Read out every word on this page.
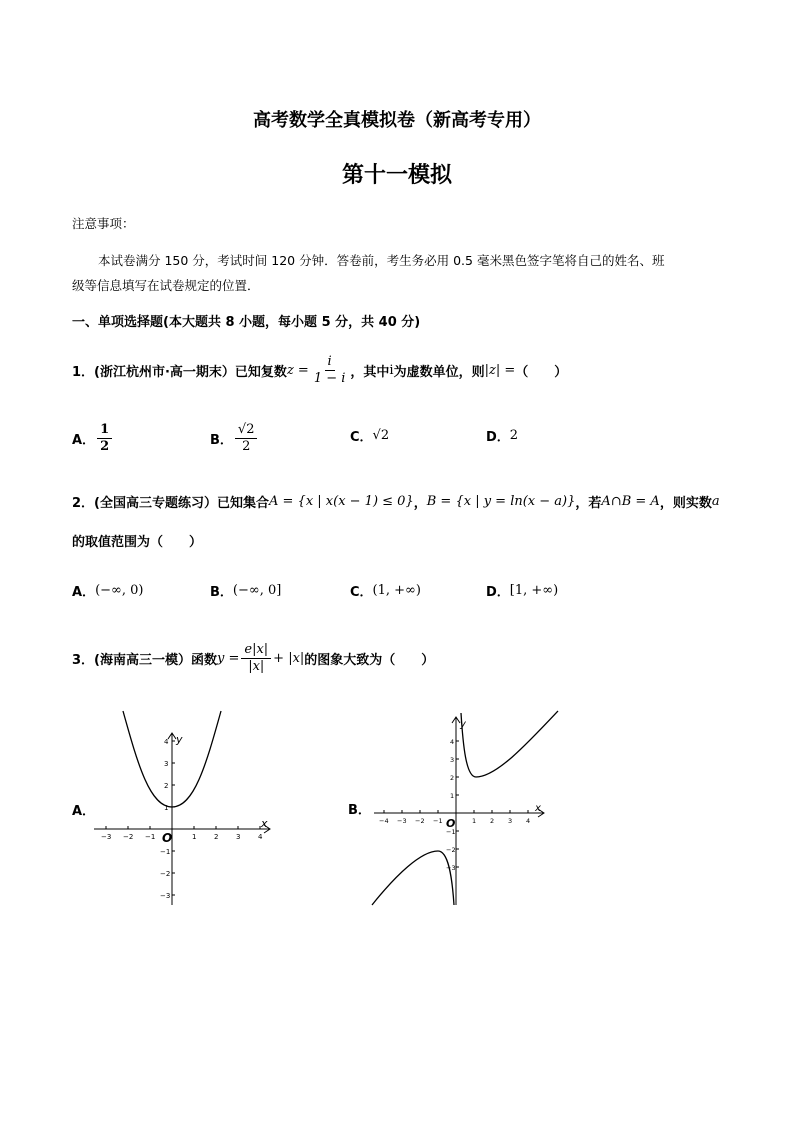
高考数学全真模拟卷（新高考专用）
第十一模拟
注意事项：
本试卷满分 150 分，考试时间 120 分钟．答卷前，考生务必用 0.5 毫米黑色签字笔将自己的姓名、班
级等信息填写在试卷规定的位置．
一、单项选择题(本大题共 8 小题，每小题 5 分，共 40 分)
1．(浙江杭州市·高一期末）已知复数 $z = \frac{i}{1 - i}$ ，其中 i 为虚数单位，则 |z| = （　　）
A． $\frac{1}{2}$	B． $\frac{√2}{2}$	C． √2	D． 2
2．(全国高三专题练习）已知集合 A = {x | x(x − 1) ≤ 0} ， B = {x | y = ln(x − a)} ，若 A∩B = A ，则实数 a
的取值范围为（　　）
A． (−∞, 0)	B． (−∞, 0]	C． (1, +∞)	D． [1, +∞)
3．(海南高三一模）函数 $y = \frac{e|x|}{|x|} + |x|$ 的图象大致为（　　）
A．	B．
−3 −2 −1	1	2	3	4
4
3
2
1
−1
−2
−3
x
y
O
−4 −3 −2 −1	1 2 3 4
4
3
2
1
−1
−2
−3
x
y
O
